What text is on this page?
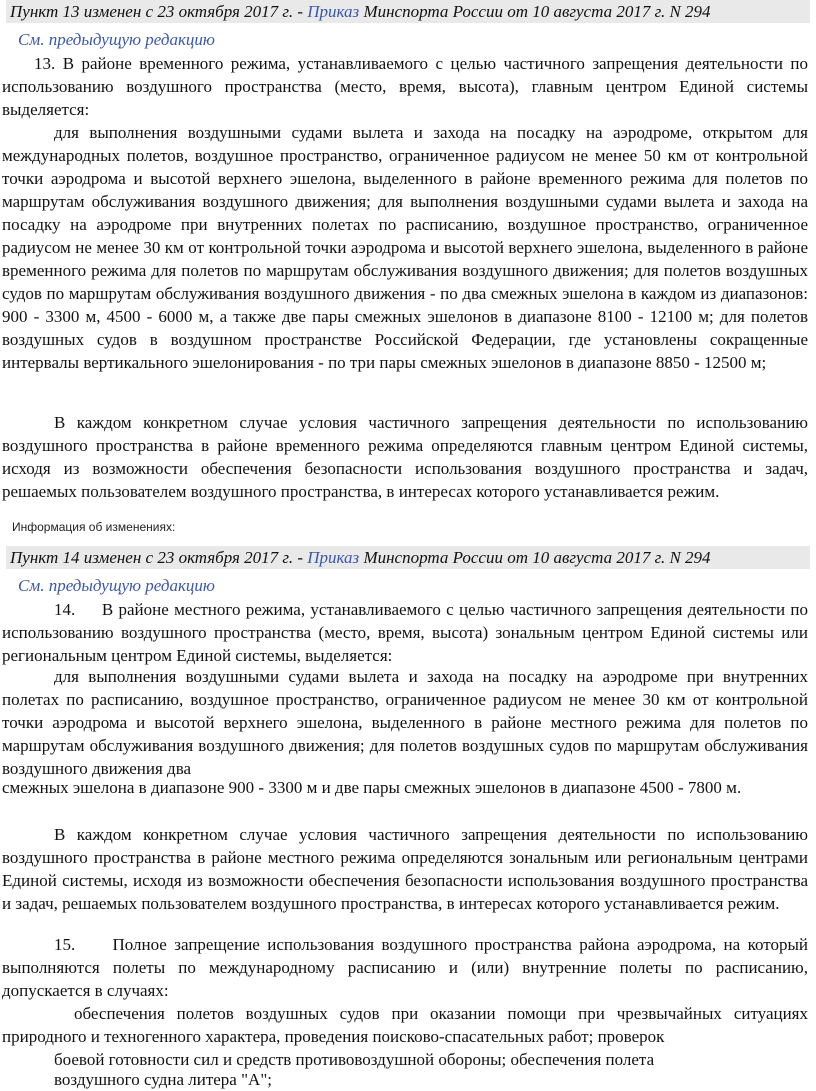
Пункт 13 изменен с 23 октября 2017 г. - Приказ Минспорта России от 10 августа 2017 г. N 294
См. предыдущую редакцию

13. В районе временного режима, устанавливаемого с целью частичного запрещения деятельности по использованию воздушного пространства (место, время, высота), главным центром Единой системы выделяется:

для выполнения воздушными судами вылета и захода на посадку на аэродроме, открытом для международных полетов, воздушное пространство, ограниченное радиусом не менее 50 км от контрольной точки аэродрома и высотой верхнего эшелона, выделенного в районе временного режима для полетов по маршрутам обслуживания воздушного движения; для выполнения воздушными судами вылета и захода на посадку на аэродроме при внутренних полетах по расписанию, воздушное пространство, ограниченное радиусом не менее 30 км от контрольной точки аэродрома и высотой верхнего эшелона, выделенного в районе временного режима для полетов по маршрутам обслуживания воздушного движения; для полетов воздушных судов по маршрутам обслуживания воздушного движения - по два смежных эшелона в каждом из диапазонов: 900 - 3300 м, 4500 - 6000 м, а также две пары смежных эшелонов в диапазоне 8100 - 12100 м; для полетов воздушных судов в воздушном пространстве Российской Федерации, где установлены сокращенные интервалы вертикального эшелонирования - по три пары смежных эшелонов в диапазоне 8850 - 12500 м;

В каждом конкретном случае условия частичного запрещения деятельности по использованию воздушного пространства в районе временного режима определяются главным центром Единой системы, исходя из возможности обеспечения безопасности использования воздушного пространства и задач, решаемых пользователем воздушного пространства, в интересах которого устанавливается режим.

Информация об изменениях:
Пункт 14 изменен с 23 октября 2017 г. - Приказ Минспорта России от 10 августа 2017 г. N 294
См. предыдущую редакцию

14.     В районе местного режима, устанавливаемого с целью частичного запрещения деятельности по использованию воздушного пространства (место, время, высота) зональным центром Единой системы или региональным центром Единой системы, выделяется:

для выполнения воздушными судами вылета и захода на посадку на аэродроме при внутренних полетах по расписанию, воздушное пространство, ограниченное радиусом не менее 30 км от контрольной точки аэродрома и высотой верхнего эшелона, выделенного в районе местного режима для полетов по маршрутам обслуживания воздушного движения; для полетов воздушных судов по маршрутам обслуживания воздушного движения два

смежных эшелона в диапазоне 900 - 3300 м и две пары смежных эшелонов в диапазоне 4500 - 7800 м.

В каждом конкретном случае условия частичного запрещения деятельности по использованию воздушного пространства в районе местного режима определяются зональным или региональным центрами Единой системы, исходя из возможности обеспечения безопасности использования воздушного пространства и задач, решаемых пользователем воздушного пространства, в интересах которого устанавливается режим.

15.     Полное запрещение использования воздушного пространства района аэродрома, на который выполняются полеты по международному расписанию и (или) внутренние полеты по расписанию, допускается в случаях:

обеспечения полетов воздушных судов при оказании помощи при чрезвычайных ситуациях природного и техногенного характера, проведения поисково-спасательных работ; проверок

боевой готовности сил и средств противовоздушной обороны; обеспечения полета
воздушного судна литера "А";
